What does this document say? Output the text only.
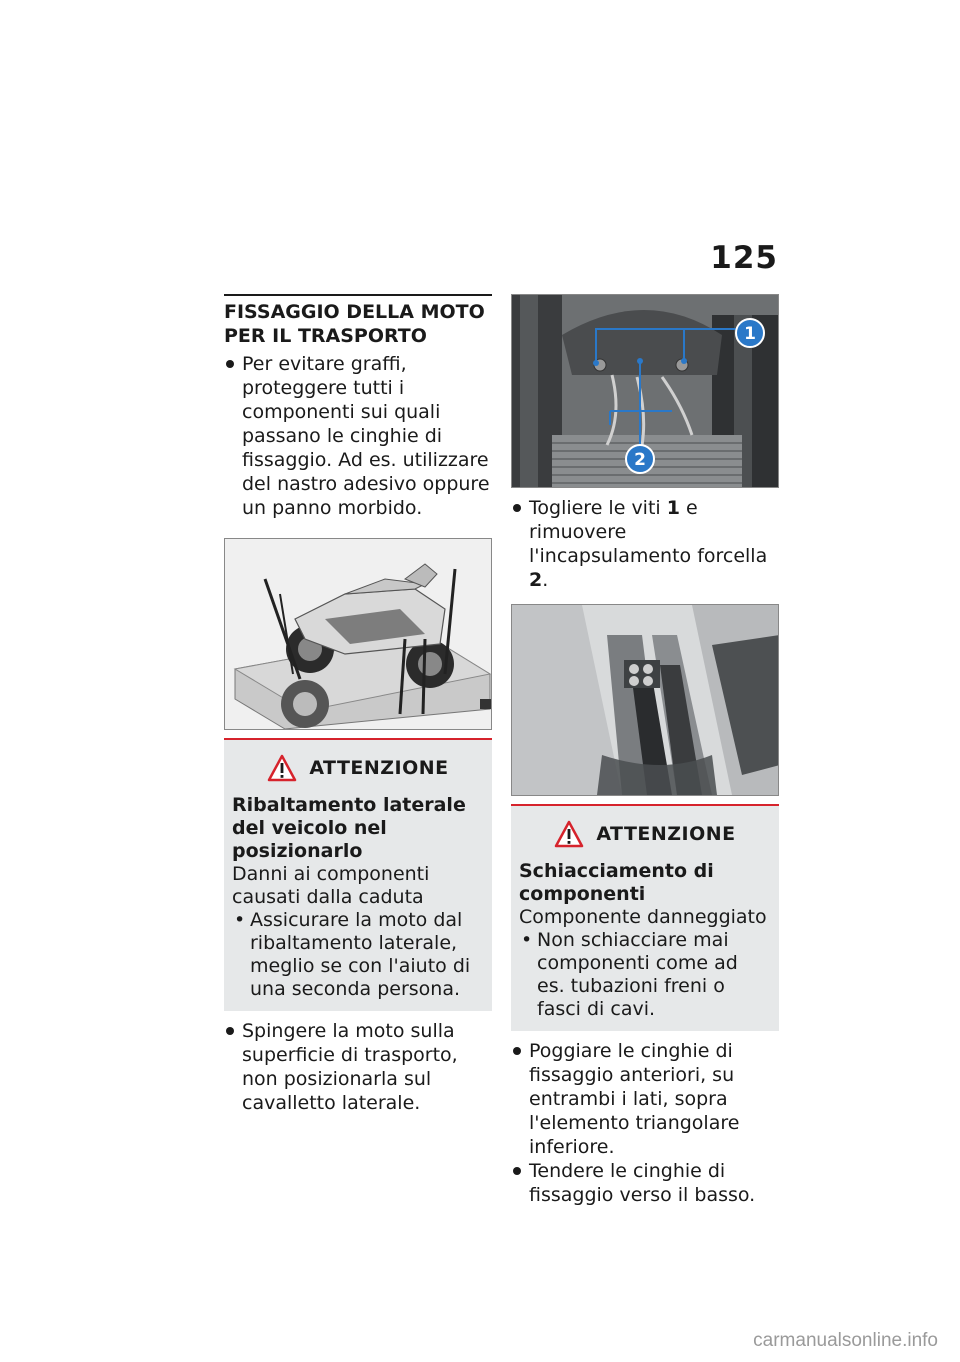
125
FISSAGGIO DELLA MOTO
PER IL TRASPORTO
Per evitare graffi, proteggere tutti i componenti sui quali passano le cinghie di fissaggio. Ad es. utilizzare del nastro adesivo oppure un panno morbido.
ATTENZIONE
Ribaltamento laterale del veicolo nel posizionarlo
Danni ai componenti causati dalla caduta
• Assicurare la moto dal ribaltamento laterale, meglio se con l'aiuto di una seconda persona.
Spingere la moto sulla superficie di trasporto, non posizionarla sul cavalletto laterale.
1
2
Togliere le viti 1 e rimuovere l'incapsulamento forcella 2.
ATTENZIONE
Schiacciamento di componenti
Componente danneggiato
• Non schiacciare mai componenti come ad es. tubazioni freni o fasci di cavi.
Poggiare le cinghie di fissaggio anteriori, su entrambi i lati, sopra l'elemento triangolare inferiore.
Tendere le cinghie di fissaggio verso il basso.
carmanualsonline.info
